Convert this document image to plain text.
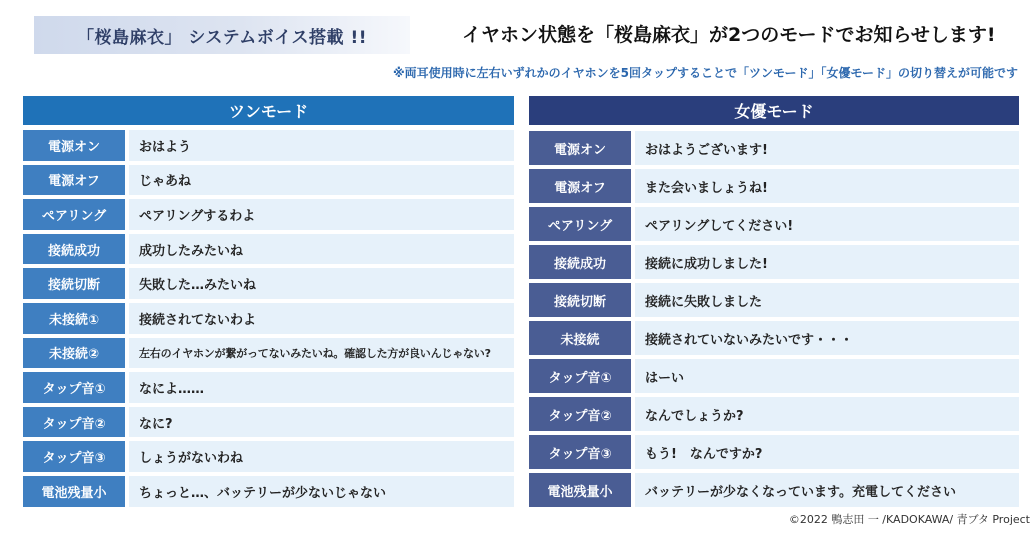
「桜島麻衣」 システムボイス搭載 !!	イヤホン状態を「桜島麻衣」が2つのモードでお知らせします!
※両耳使用時に左右いずれかのイヤホンを5回タップすることで「ツンモード」「女優モード」の切り替えが可能です
ツンモード
電源オン	おはよう
電源オフ	じゃあね
ペアリング	ペアリングするわよ
接続成功	成功したみたいね
接続切断	失敗した…みたいね
未接続①	接続されてないわよ
未接続②	左右のイヤホンが繋がってないみたいね。確認した方が良いんじゃない?
タップ音①	なによ……
タップ音②	なに?
タップ音③	しょうがないわね
電池残量小	ちょっと…、バッテリーが少ないじゃない
女優モード
電源オン	おはようございます!
電源オフ	また会いましょうね!
ペアリング	ペアリングしてください!
接続成功	接続に成功しました!
接続切断	接続に失敗しました
未接続	接続されていないみたいです・・・
タップ音①	はーい
タップ音②	なんでしょうか?
タップ音③	もう!　なんですか?
電池残量小	バッテリーが少なくなっています。充電してください
©2022 鴨志田 一 /KADOKAWA/ 青ブタ Project
